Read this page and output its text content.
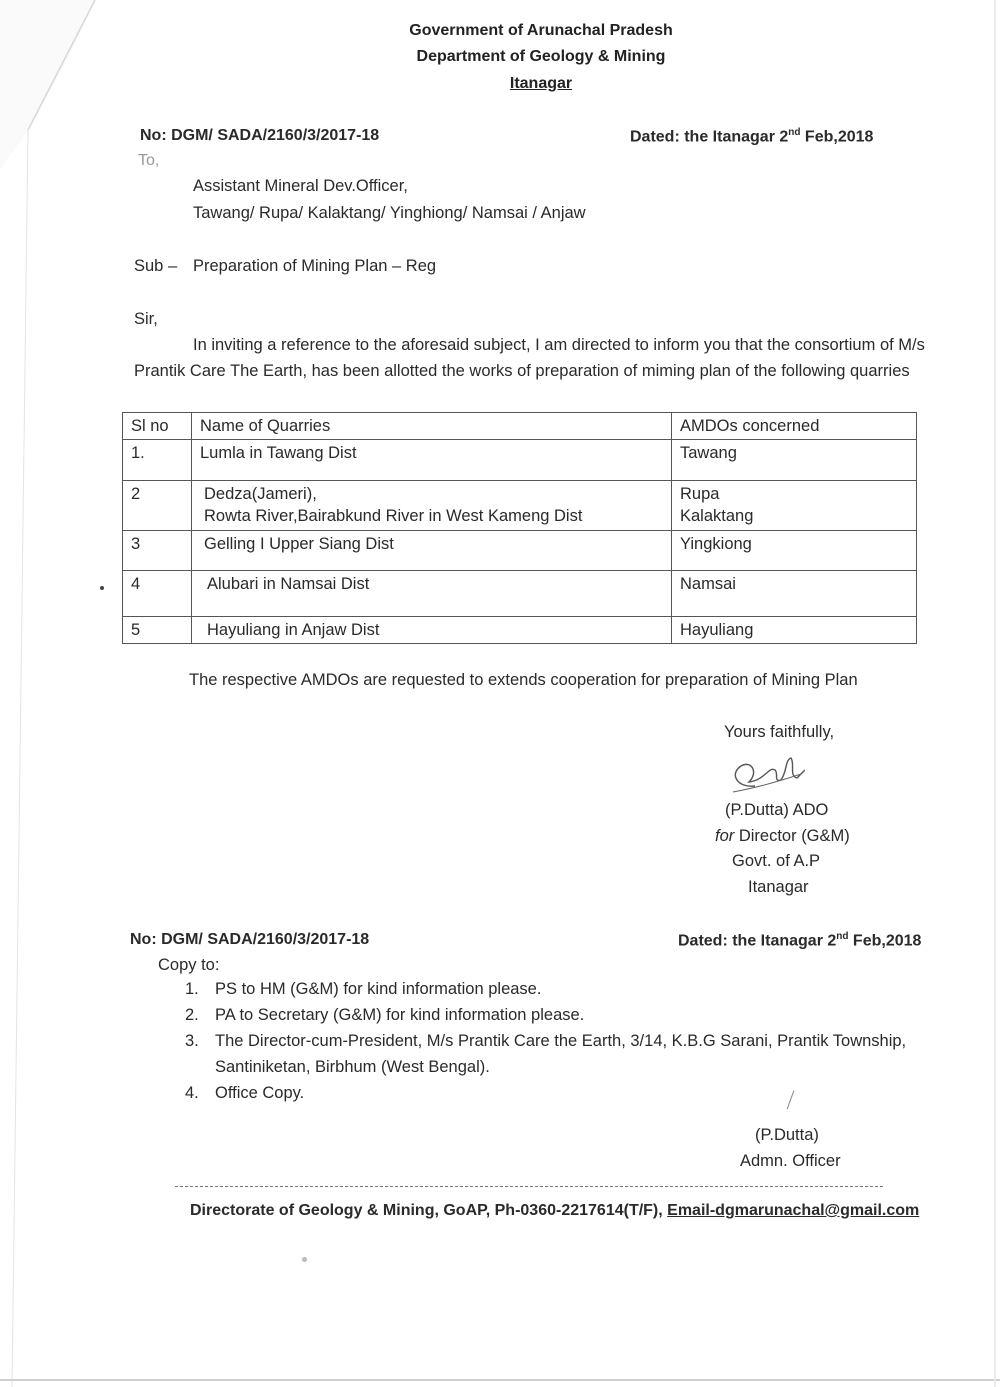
Government of Arunachal Pradesh
Department of Geology & Mining
Itanagar
No: DGM/ SADA/2160/3/2017-18	Dated: the Itanagar 2nd Feb,2018
To,
Assistant Mineral Dev.Officer,
Tawang/ Rupa/ Kalaktang/ Yinghiong/ Namsai / Anjaw
Sub – Preparation of Mining Plan – Reg
Sir,
In inviting a reference to the aforesaid subject, I am directed to inform you that the consortium of M/s
Prantik Care The Earth, has been allotted the works of preparation of miming plan of the following quarries
Sl no	Name of Quarries	AMDOs concerned
1.	Lumla in Tawang Dist	Tawang

2	Dedza(Jameri),
Rowta River,Bairabkund River in West Kameng Dist	Rupa
Kalaktang

3	Gelling I Upper Siang Dist	Yingkiong

4	Alubari in Namsai Dist	Namsai

5	Hayuliang in Anjaw Dist	Hayuliang
The respective AMDOs are requested to extends cooperation for preparation of Mining Plan
Yours faithfully,
(P.Dutta) ADO
for Director (G&M)
Govt. of A.P
Itanagar
No: DGM/ SADA/2160/3/2017-18	Dated: the Itanagar 2nd Feb,2018
Copy to:
1. PS to HM (G&M) for kind information please.
2. PA to Secretary (G&M) for kind information please.
3. The Director-cum-President, M/s Prantik Care the Earth, 3/14, K.B.G Sarani, Prantik Township,
Santiniketan, Birbhum (West Bengal).
4. Office Copy.
(P.Dutta)
Admn. Officer
Directorate of Geology & Mining, GoAP, Ph-0360-2217614(T/F), Email-dgmarunachal@gmail.com
